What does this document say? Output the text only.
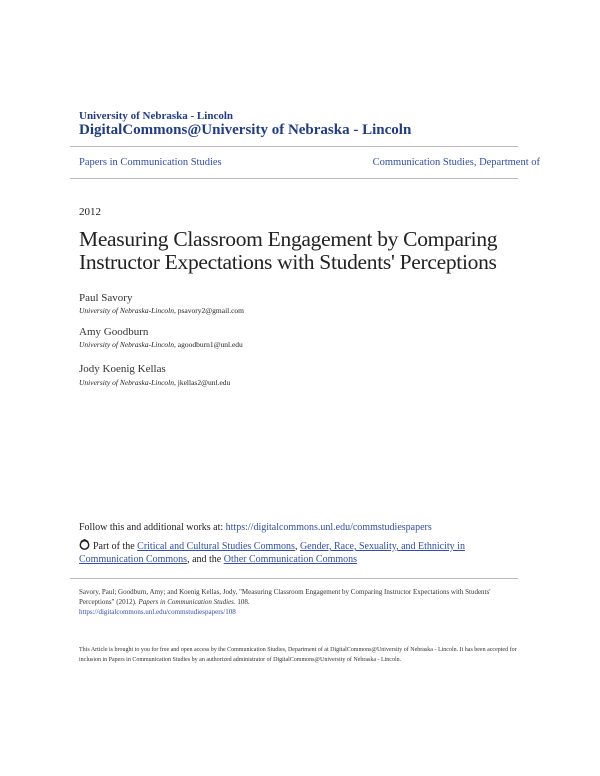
University of Nebraska - Lincoln
DigitalCommons@University of Nebraska - Lincoln
Papers in Communication Studies	Communication Studies, Department of
2012
Measuring Classroom Engagement by Comparing Instructor Expectations with Students' Perceptions
Paul Savory
University of Nebraska-Lincoln, psavory2@gmail.com
Amy Goodburn
University of Nebraska-Lincoln, agoodburn1@unl.edu
Jody Koenig Kellas
University of Nebraska-Lincoln, jkellas2@unl.edu
Follow this and additional works at: https://digitalcommons.unl.edu/commstudiespapers
Part of the Critical and Cultural Studies Commons, Gender, Race, Sexuality, and Ethnicity in Communication Commons, and the Other Communication Commons
Savory, Paul; Goodburn, Amy; and Koenig Kellas, Jody, "Measuring Classroom Engagement by Comparing Instructor Expectations with Students' Perceptions" (2012). Papers in Communication Studies. 108.
https://digitalcommons.unl.edu/commstudiespapers/108
This Article is brought to you for free and open access by the Communication Studies, Department of at DigitalCommons@University of Nebraska - Lincoln. It has been accepted for inclusion in Papers in Communication Studies by an authorized administrator of DigitalCommons@University of Nebraska - Lincoln.
